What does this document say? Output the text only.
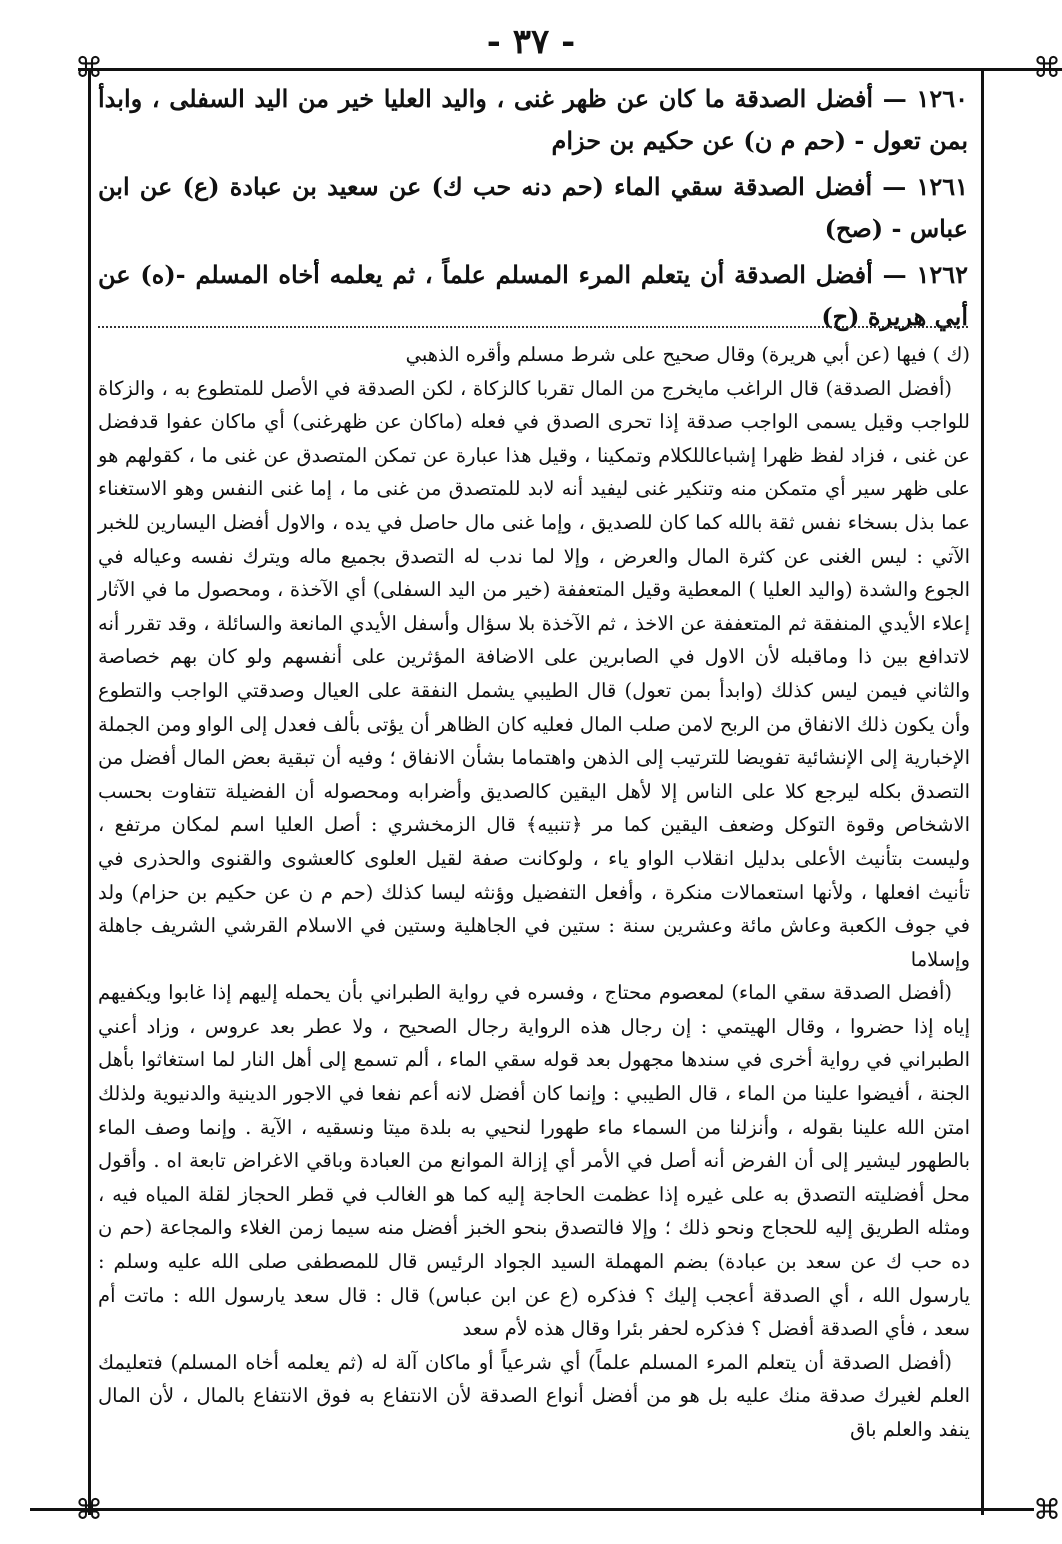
- ٣٧ -
⌘	⌘
⌘	⌘

١٢٦٠ — أفضل الصدقة ما كان عن ظهر غنى ، واليد العليا خير من اليد السفلى ، وابدأ بمن تعول - (حم م ن) عن حكيم بن حزام

١٢٦١ — أفضل الصدقة سقي الماء (حم دنه حب ك) عن سعيد بن عبادة (ع) عن ابن عباس - (صح)

١٢٦٢ — أفضل الصدقة أن يتعلم المرء المسلم علماً ، ثم يعلمه أخاه المسلم -(ه) عن أبي هريرة (ح)

(ك ) فيها (عن أبي هريرة) وقال صحيح على شرط مسلم وأقره الذهبي

(أفضل الصدقة) قال الراغب مايخرج من المال تقربا كالزكاة ، لكن الصدقة في الأصل للمتطوع به ، والزكاة للواجب وقيل يسمى الواجب صدقة إذا تحرى الصدق في فعله (ماكان عن ظهرغنى) أي ماكان عفوا قدفضل عن غنى ، فزاد لفظ ظهرا إشباعاللكلام وتمكينا ، وقيل هذا عبارة عن تمكن المتصدق عن غنى ما ، كقولهم هو على ظهر سير أي متمكن منه وتنكير غنى ليفيد أنه لابد للمتصدق من غنى ما ، إما غنى النفس وهو الاستغناء عما بذل بسخاء نفس ثقة بالله كما كان للصديق ، وإما غنى مال حاصل في يده ، والاول أفضل اليسارين للخبر الآتي : ليس الغنى عن كثرة المال والعرض ، وإلا لما ندب له التصدق بجميع ماله ويترك نفسه وعياله في الجوع والشدة (واليد العليا ) المعطية وقيل المتعففة (خير من اليد السفلى) أي الآخذة ، ومحصول ما في الآثار إعلاء الأيدي المنفقة ثم المتعففة عن الاخذ ، ثم الآخذة بلا سؤال وأسفل الأيدي المانعة والسائلة ، وقد تقرر أنه لاتدافع بين ذا وماقبله لأن الاول في الصابرين على الاضافة المؤثرين على أنفسهم ولو كان بهم خصاصة والثاني فيمن ليس كذلك (وابدأ بمن تعول) قال الطيبي يشمل النفقة على العيال وصدقتي الواجب والتطوع وأن يكون ذلك الانفاق من الربح لامن صلب المال فعليه كان الظاهر أن يؤتى بألف فعدل إلى الواو ومن الجملة الإخبارية إلى الإنشائية تفويضا للترتيب إلى الذهن واهتماما بشأن الانفاق ؛ وفيه أن تبقية بعض المال أفضل من التصدق بكله ليرجع كلا على الناس إلا لأهل اليقين كالصديق وأضرابه ومحصوله أن الفضيلة تتفاوت بحسب الاشخاص وقوة التوكل وضعف اليقين كما مر ﴿تنبيه﴾ قال الزمخشري : أصل العليا اسم لمكان مرتفع ، وليست بتأنيث الأعلى بدليل انقلاب الواو ياء ، ولوكانت صفة لقيل العلوى كالعشوى والقنوى والحذرى في تأنيث افعلها ، ولأنها استعمالات منكرة ، وأفعل التفضيل وؤنثه ليسا كذلك (حم م ن عن حكيم بن حزام) ولد في جوف الكعبة وعاش مائة وعشرين سنة : ستين في الجاهلية وستين في الاسلام القرشي الشريف جاهلة وإسلاما

(أفضل الصدقة سقي الماء) لمعصوم محتاج ، وفسره في رواية الطبراني بأن يحمله إليهم إذا غابوا ويكفيهم إياه إذا حضروا ، وقال الهيتمي : إن رجال هذه الرواية رجال الصحيح ، ولا عطر بعد عروس ، وزاد أعني الطبراني في رواية أخرى في سندها مجهول بعد قوله سقي الماء ، ألم تسمع إلى أهل النار لما استغاثوا بأهل الجنة ، أفيضوا علينا من الماء ، قال الطيبي : وإنما كان أفضل لانه أعم نفعا في الاجور الدينية والدنيوية ولذلك امتن الله علينا بقوله ، وأنزلنا من السماء ماء طهورا لنحيي به بلدة ميتا ونسقيه ، الآية . وإنما وصف الماء بالطهور ليشير إلى أن الفرض أنه أصل في الأمر أي إزالة الموانع من العبادة وباقي الاغراض تابعة اه . وأقول محل أفضليته التصدق به على غيره إذا عظمت الحاجة إليه كما هو الغالب في قطر الحجاز لقلة المياه فيه ، ومثله الطريق إليه للحجاج ونحو ذلك ؛ وإلا فالتصدق بنحو الخبز أفضل منه سيما زمن الغلاء والمجاعة (حم ن ده حب ك عن سعد بن عبادة) بضم المهملة السيد الجواد الرئيس قال للمصطفى صلى الله عليه وسلم : يارسول الله ، أي الصدقة أعجب إليك ؟ فذكره (ع عن ابن عباس) قال : قال سعد يارسول الله : ماتت أم سعد ، فأي الصدقة أفضل ؟ فذكره لحفر بئرا وقال هذه لأم سعد

(أفضل الصدقة أن يتعلم المرء المسلم علماً) أي شرعياً أو ماكان آلة له (ثم يعلمه أخاه المسلم) فتعليمك العلم لغيرك صدقة منك عليه بل هو من أفضل أنواع الصدقة لأن الانتفاع به فوق الانتفاع بالمال ، لأن المال ينفد والعلم باق
